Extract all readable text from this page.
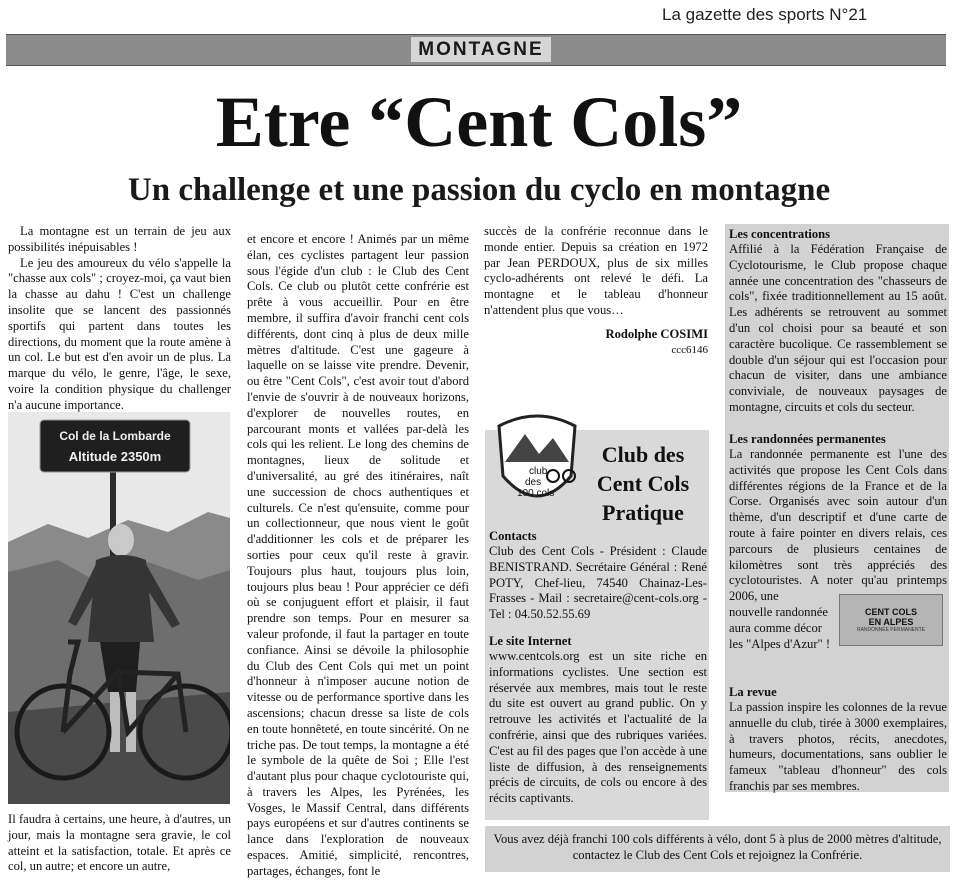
La gazette des sports N°21
MONTAGNE
Etre “Cent Cols”
Un challenge et une passion du cyclo en montagne

La montagne est un terrain de jeu aux possibilités inépuisables !

Le jeu des amoureux du vélo s'appelle la "chasse aux cols" ; croyez-moi, ça vaut bien la chasse au dahu ! C'est un challenge insolite que se lancent des passionnés sportifs qui partent dans toutes les directions, du moment que la route amène à un col. Le but est d'en avoir un de plus. La marque du vélo, le genre, l'âge, le sexe, voire la condition physique du challenger n'a aucune importance.

Col de la Lombarde
Altitude 2350m

Il faudra à certains, une heure, à d'autres, un jour, mais la montagne sera gravie, le col atteint et la satisfaction, totale. Et après ce col, un autre; et encore un autre,

et encore et encore ! Animés par un même élan, ces cyclistes partagent leur passion sous l'égide d'un club : le Club des Cent Cols. Ce club ou plutôt cette confrérie est prête à vous accueillir. Pour en être membre, il suffira d'avoir franchi cent cols différents, dont cinq à plus de deux mille mètres d'altitude. C'est une gageure à laquelle on se laisse vite prendre. Devenir, ou être "Cent Cols", c'est avoir tout d'abord l'envie de s'ouvrir à de nouveaux horizons, d'explorer de nouvelles routes, en parcourant monts et vallées par-delà les cols qui les relient. Le long des chemins de montagnes, lieux de solitude et d'universalité, au gré des itinéraires, naît une succession de chocs authentiques et culturels. Ce n'est qu'ensuite, comme pour un collectionneur, que nous vient le goût d'additionner les cols et de préparer les sorties pour ceux qu'il reste à gravir. Toujours plus haut, toujours plus loin, toujours plus beau ! Pour apprécier ce défi où se conjuguent effort et plaisir, il faut prendre son temps. Pour en mesurer sa valeur profonde, il faut la partager en toute confiance. Ainsi se dévoile la philosophie du Club des Cent Cols qui met un point d'honneur à n'imposer aucune notion de vitesse ou de performance sportive dans les ascensions; chacun dresse sa liste de cols en toute honnêteté, en toute sincérité. On ne triche pas. De tout temps, la montagne a été le symbole de la quête de Soi ; Elle l'est d'autant plus pour chaque cyclotouriste qui, à travers les Alpes, les Pyrénées, les Vosges, le Massif Central, dans différents pays européens et sur d'autres continents se lance dans l'exploration de nouveaux espaces. Amitié, simplicité, rencontres, partages, échanges, font le

succès de la confrérie reconnue dans le monde entier. Depuis sa création en 1972 par Jean PERDOUX, plus de six milles cyclo-adhérents ont relevé le défi. La montagne et le tableau d'honneur n'attendent plus que vous…

Rodolphe COSIMI
ccc6146
club
des
100 cols
Club des
Cent Cols
Pratique
Contacts

Club des Cent Cols - Président : Claude BENISTRAND. Secrétaire Général : René POTY, Chef-lieu, 74540 Chainaz-Les-Frasses - Mail : secretaire@cent-cols.org - Tel : 04.50.52.55.69

Le site Internet

www.centcols.org est un site riche en informations cyclistes. Une section est réservée aux membres, mais tout le reste du site est ouvert au grand public. On y retrouve les activités et l'actualité de la confrérie, ainsi que des rubriques variées. C'est au fil des pages que l'on accède à une liste de diffusion, à des renseignements précis de circuits, de cols ou encore à des récits captivants.

Les concentrations

Affilié à la Fédération Française de Cyclotourisme, le Club propose chaque année une concentration des "chasseurs de cols", fixée traditionnellement au 15 août. Les adhérents se retrouvent au sommet d'un col choisi pour sa beauté et son caractère bucolique. Ce rassemblement se double d'un séjour qui est l'occasion pour chacun de visiter, dans une ambiance conviviale, de nouveaux paysages de montagne, circuits et cols du secteur.

Les randonnées permanentes

La randonnée permanente est l'une des activités que propose les Cent Cols dans différentes régions de la France et de la Corse. Organisés avec soin autour d'un thème, d'un descriptif et d'une carte de route à faire pointer en divers relais, ces parcours de plusieurs centaines de kilomètres sont très appréciés des cyclotouristes. A noter qu'au printemps 2006, une

nouvelle randonnée aura comme décor les "Alpes d'Azur" !

CENT COLS
EN ALPES
RANDONNÉE PERMANENTE
La revue

La passion inspire les colonnes de la revue annuelle du club, tirée à 3000 exemplaires, à travers photos, récits, anecdotes, humeurs, documentations, sans oublier le fameux "tableau d'honneur" des cols franchis par ses membres.

Vous avez déjà franchi 100 cols différents à vélo, dont 5 à plus de 2000 mètres d'altitude, contactez le Club des Cent Cols et rejoignez la Confrérie.
